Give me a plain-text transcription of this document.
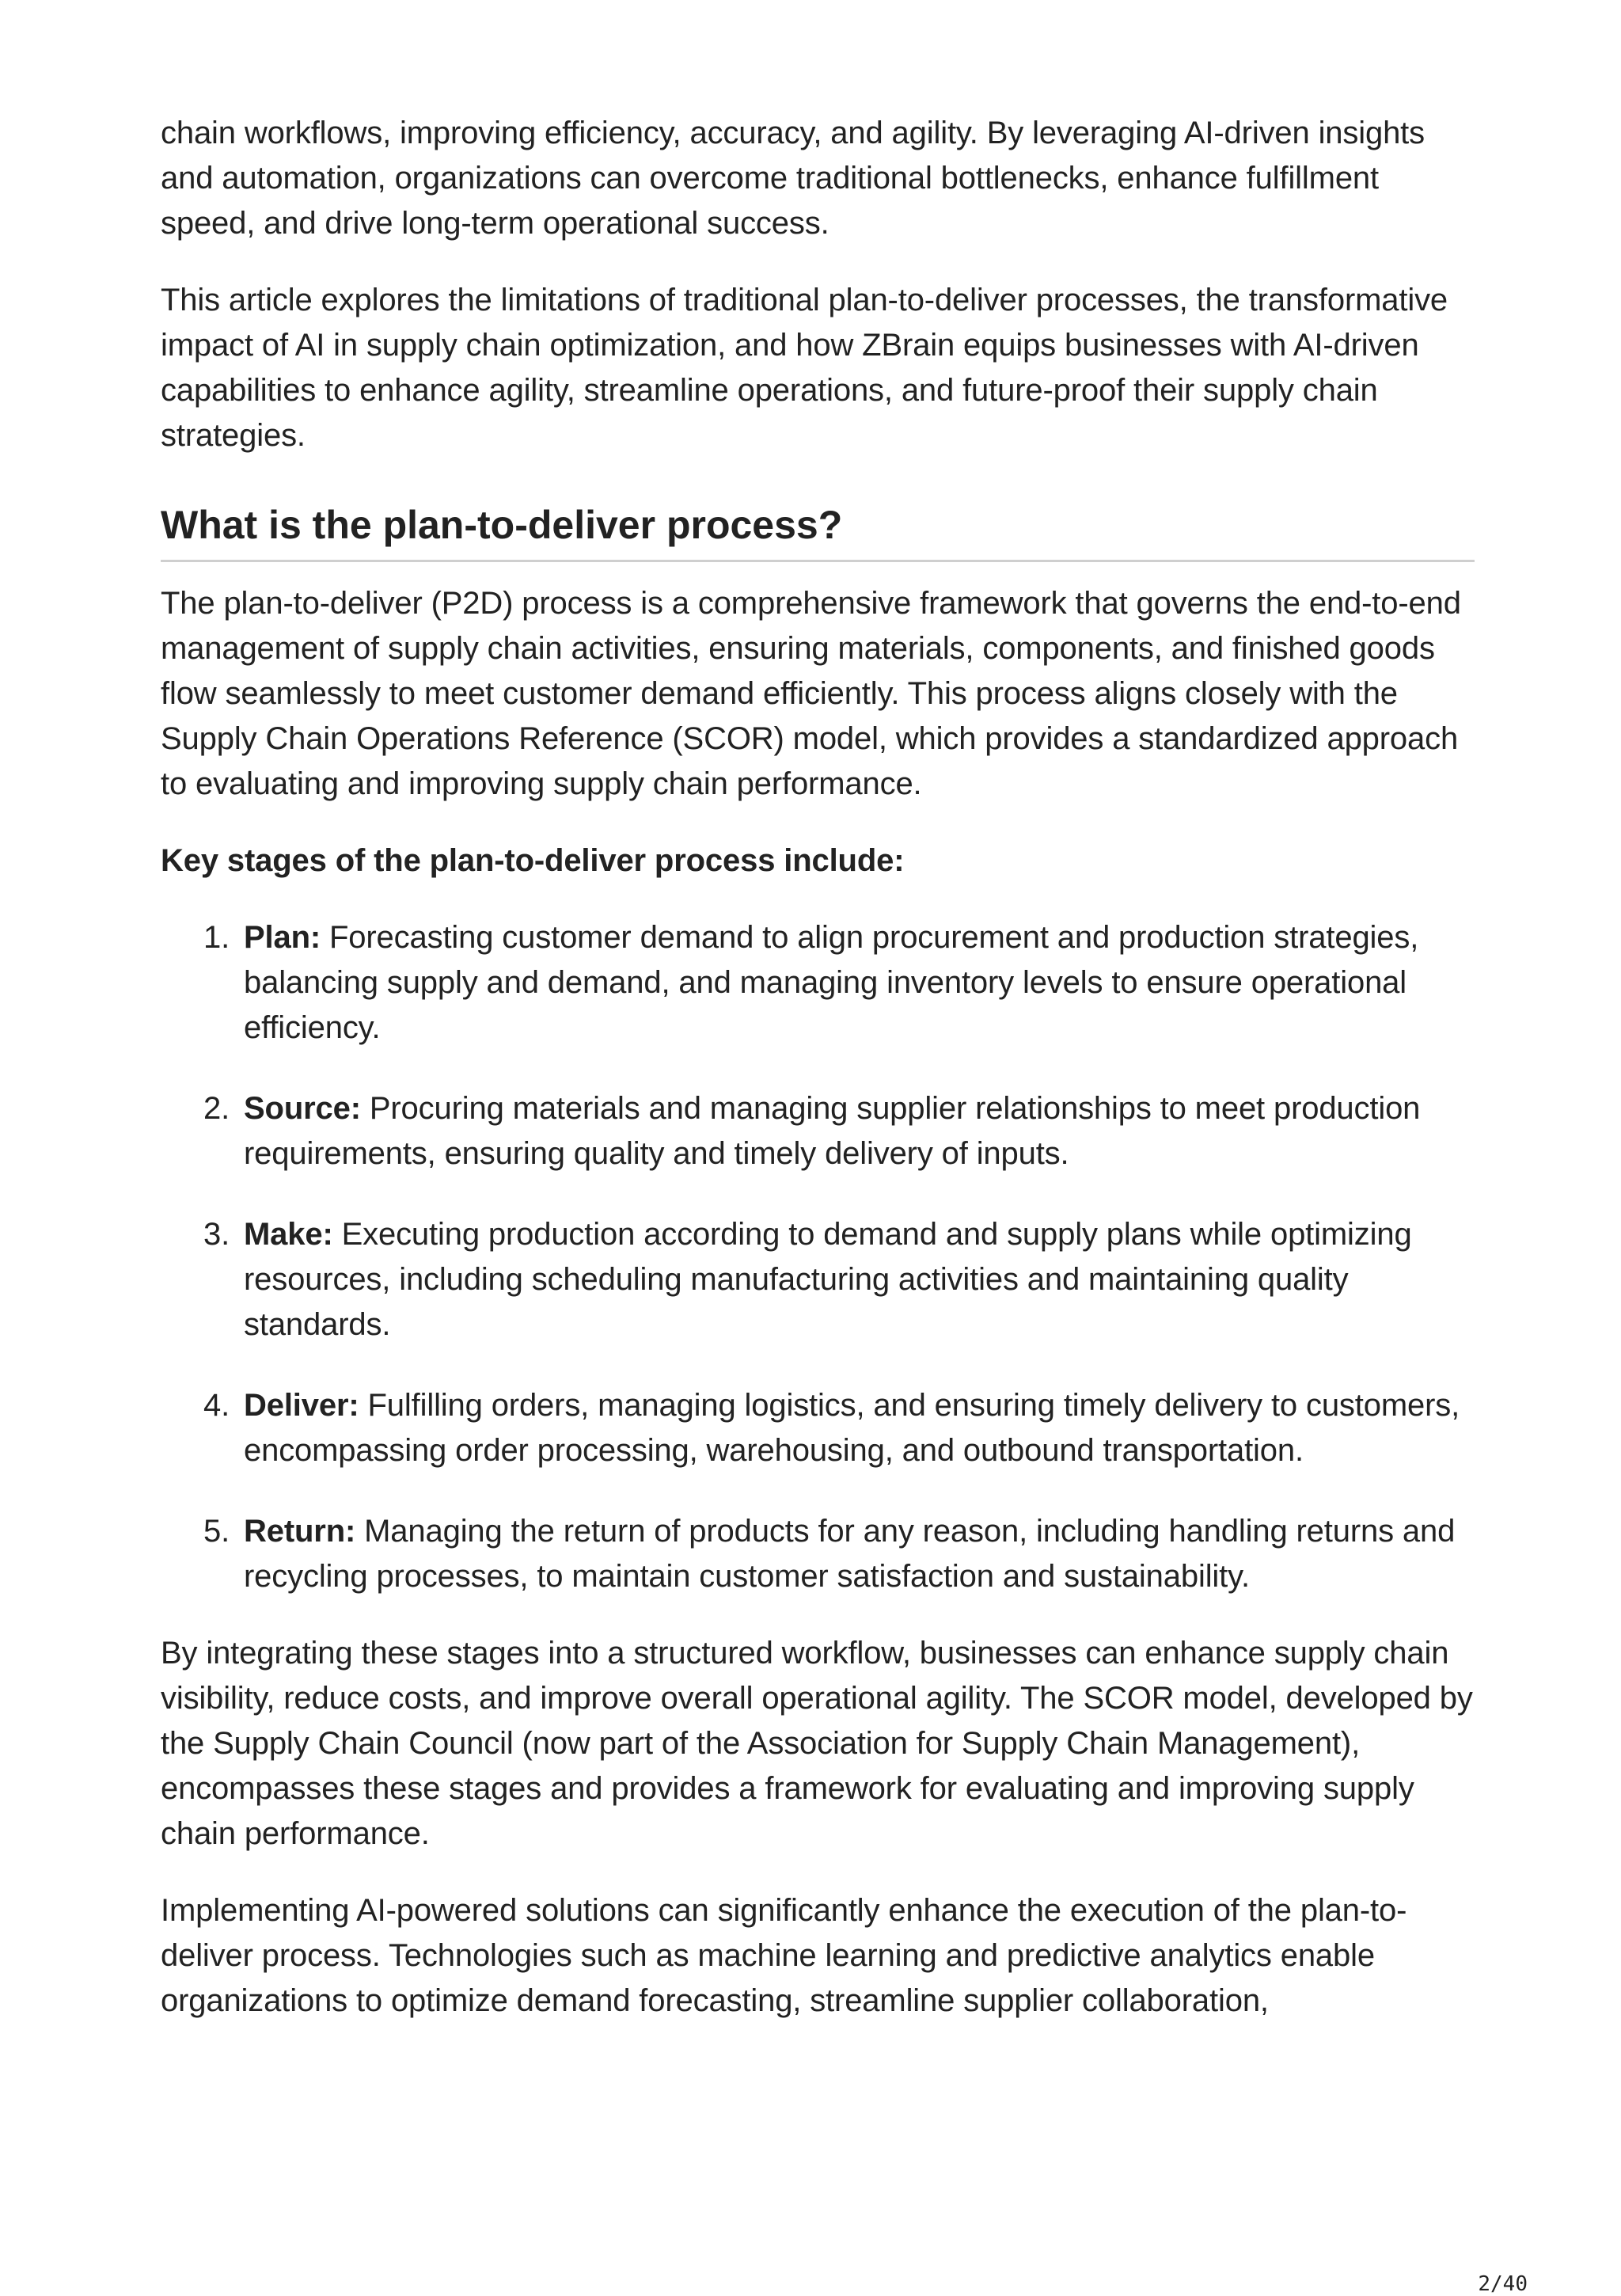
chain workflows, improving efficiency, accuracy, and agility. By leveraging AI-driven insights and automation, organizations can overcome traditional bottlenecks, enhance fulfillment speed, and drive long-term operational success.

This article explores the limitations of traditional plan-to-deliver processes, the transformative impact of AI in supply chain optimization, and how ZBrain equips businesses with AI-driven capabilities to enhance agility, streamline operations, and future-proof their supply chain strategies.

What is the plan-to-deliver process?

The plan-to-deliver (P2D) process is a comprehensive framework that governs the end-to-end management of supply chain activities, ensuring materials, components, and finished goods flow seamlessly to meet customer demand efficiently. This process aligns closely with the Supply Chain Operations Reference (SCOR) model, which provides a standardized approach to evaluating and improving supply chain performance.

Key stages of the plan-to-deliver process include:

1. Plan: Forecasting customer demand to align procurement and production strategies, balancing supply and demand, and managing inventory levels to ensure operational efficiency.
2. Source: Procuring materials and managing supplier relationships to meet production requirements, ensuring quality and timely delivery of inputs.
3. Make: Executing production according to demand and supply plans while optimizing resources, including scheduling manufacturing activities and maintaining quality standards.
4. Deliver: Fulfilling orders, managing logistics, and ensuring timely delivery to customers, encompassing order processing, warehousing, and outbound transportation.
5. Return: Managing the return of products for any reason, including handling returns and recycling processes, to maintain customer satisfaction and sustainability.

By integrating these stages into a structured workflow, businesses can enhance supply chain visibility, reduce costs, and improve overall operational agility. The SCOR model, developed by the Supply Chain Council (now part of the Association for Supply Chain Management), encompasses these stages and provides a framework for evaluating and improving supply chain performance.

Implementing AI-powered solutions can significantly enhance the execution of the plan-to-deliver process. Technologies such as machine learning and predictive analytics enable organizations to optimize demand forecasting, streamline supplier collaboration,

2/40
